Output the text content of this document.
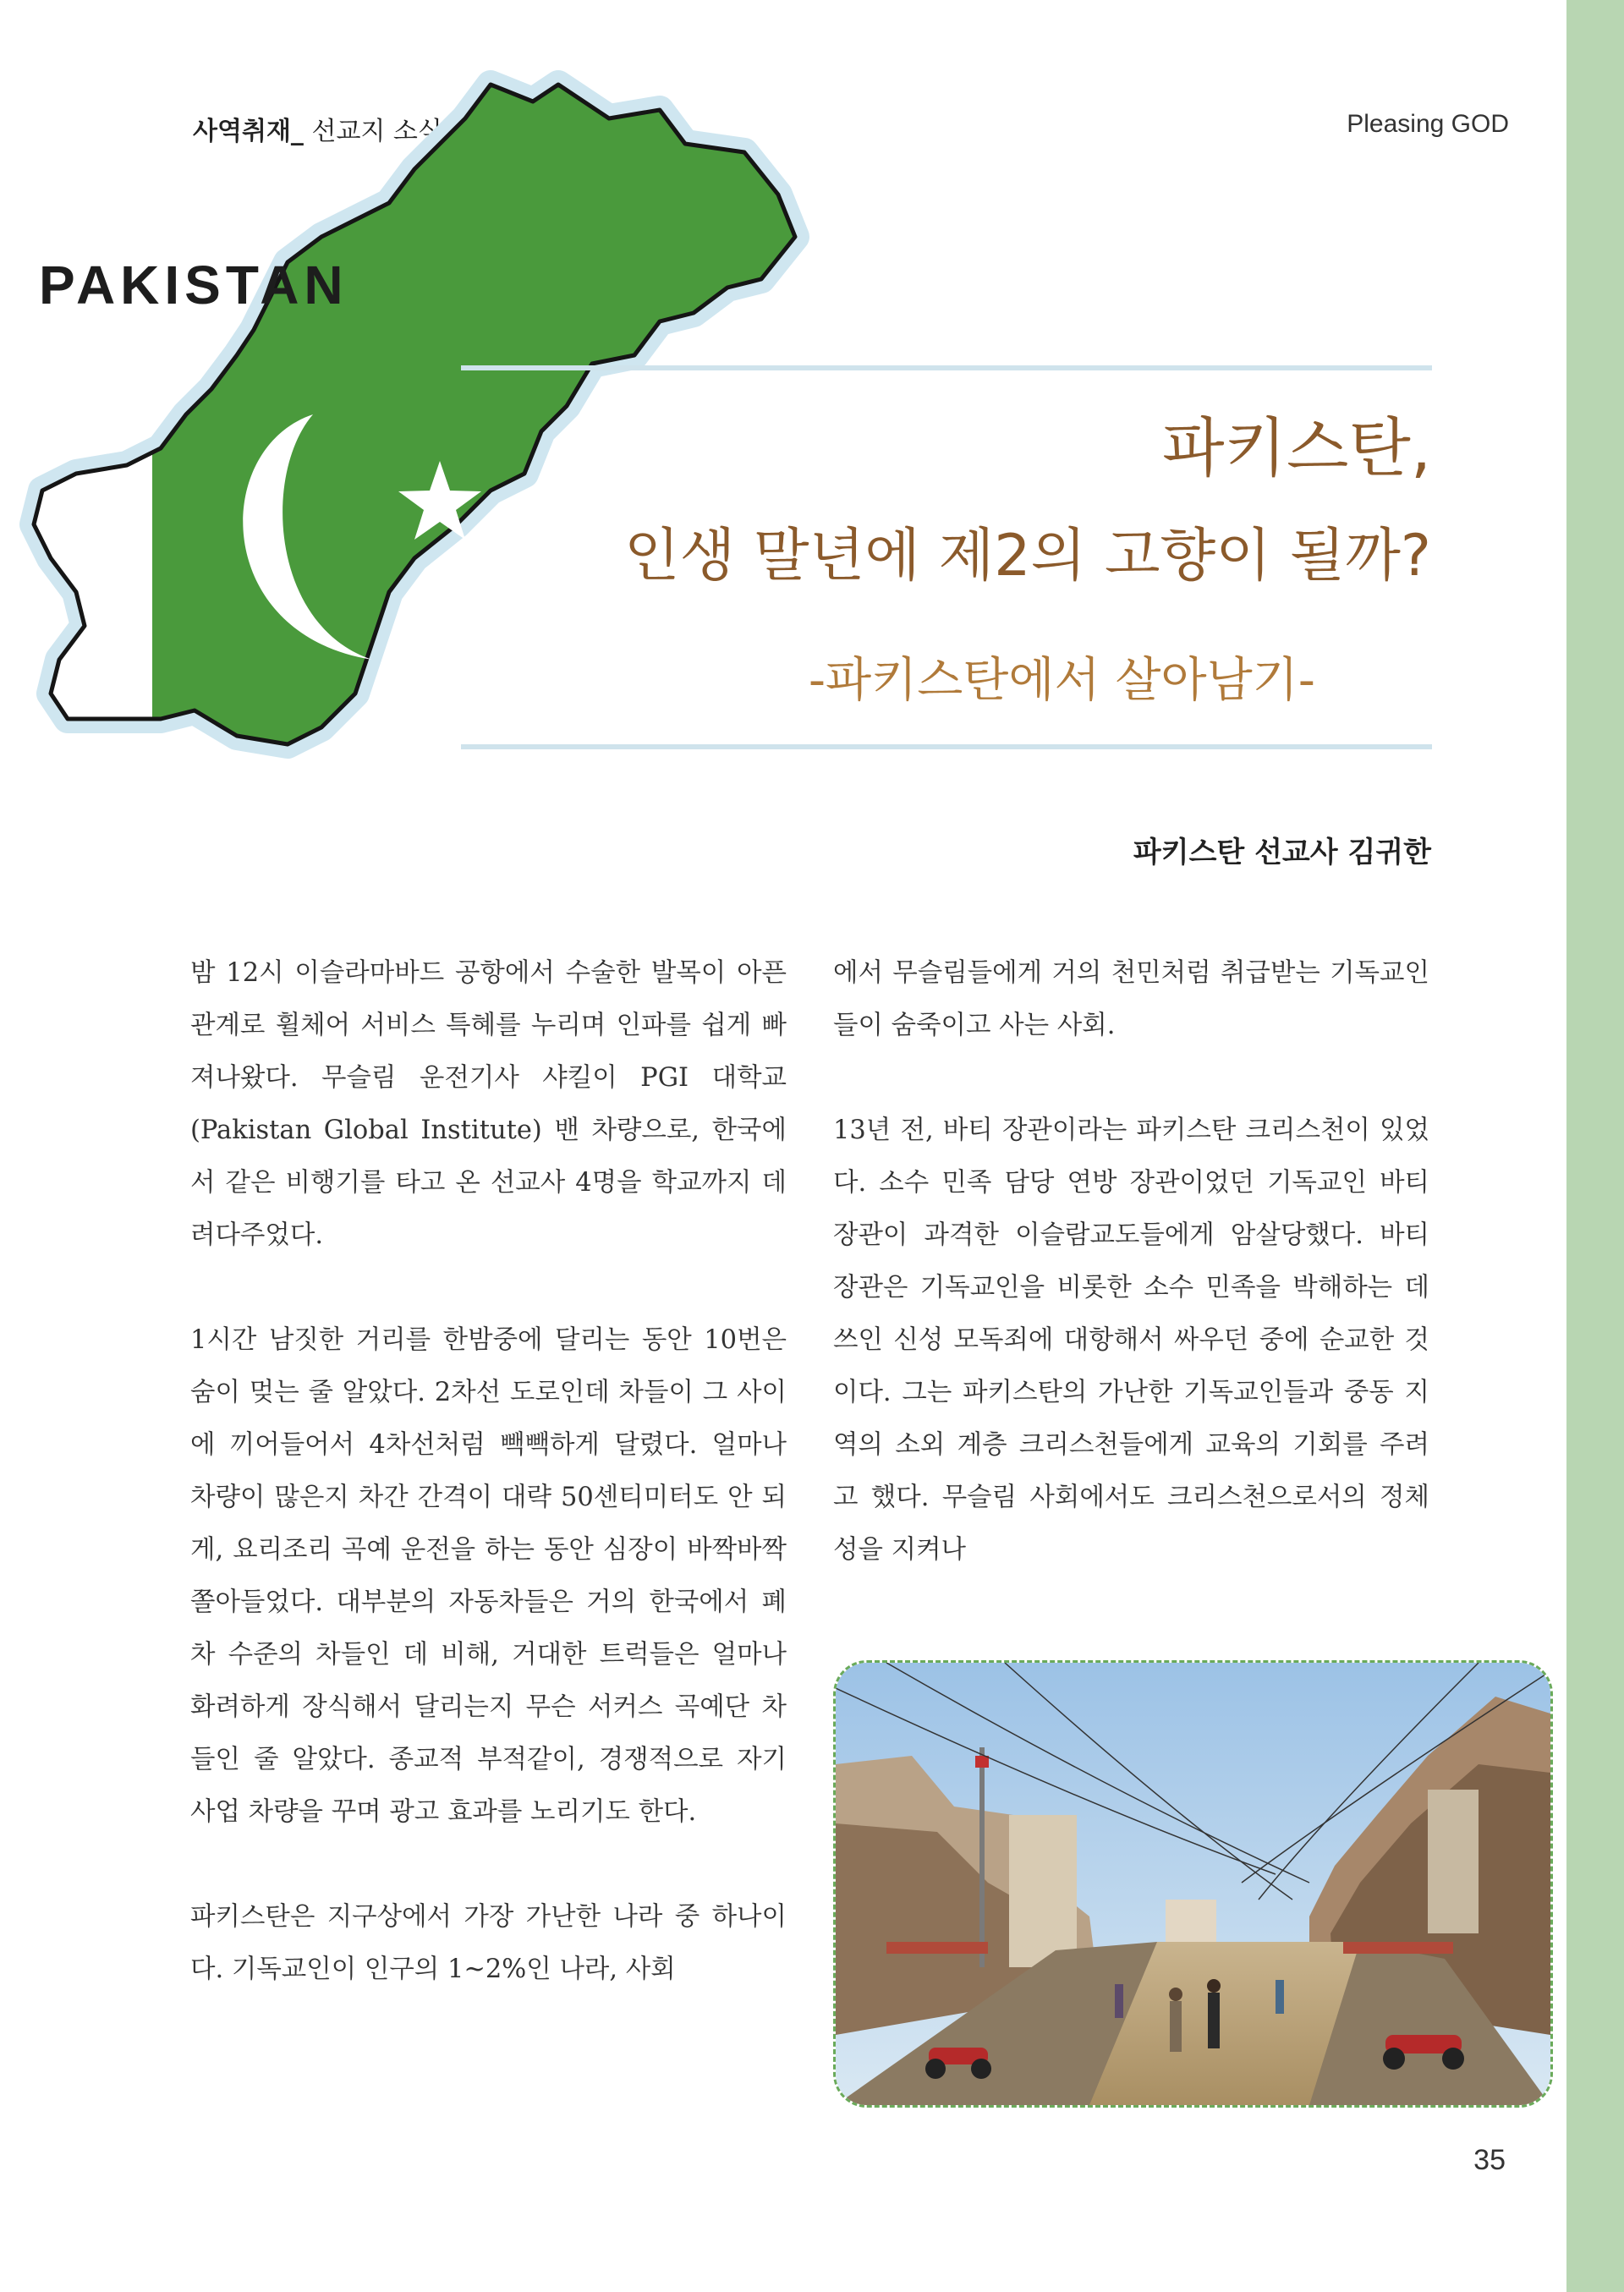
사역취재_ 선교지 소식	Pleasing GOD
PAKISTAN
파키스탄,
인생 말년에 제2의 고향이 될까?
-파키스탄에서 살아남기-
파키스탄 선교사 김귀한

밤 12시 이슬라마바드 공항에서 수술한 발목이 아픈 관계로 휠체어 서비스 특혜를 누리며 인파를 쉽게 빠져나왔다. 무슬림 운전기사 샤킬이 PGI 대학교(Pakistan Global Institute) 밴 차량으로, 한국에서 같은 비행기를 타고 온 선교사 4명을 학교까지 데려다주었다.

1시간 남짓한 거리를 한밤중에 달리는 동안 10번은 숨이 멎는 줄 알았다. 2차선 도로인데 차들이 그 사이에 끼어들어서 4차선처럼 빽빽하게 달렸다. 얼마나 차량이 많은지 차간 간격이 대략 50센티미터도 안 되게, 요리조리 곡예 운전을 하는 동안 심장이 바짝바짝 쫄아들었다. 대부분의 자동차들은 거의 한국에서 폐차 수준의 차들인 데 비해, 거대한 트럭들은 얼마나 화려하게 장식해서 달리는지 무슨 서커스 곡예단 차들인 줄 알았다. 종교적 부적같이, 경쟁적으로 자기 사업 차량을 꾸며 광고 효과를 노리기도 한다.

파키스탄은 지구상에서 가장 가난한 나라 중 하나이다. 기독교인이 인구의 1~2%인 나라, 사회

에서 무슬림들에게 거의 천민처럼 취급받는 기독교인들이 숨죽이고 사는 사회.

13년 전, 바티 장관이라는 파키스탄 크리스천이 있었다. 소수 민족 담당 연방 장관이었던 기독교인 바티 장관이 과격한 이슬람교도들에게 암살당했다. 바티 장관은 기독교인을 비롯한 소수 민족을 박해하는 데 쓰인 신성 모독죄에 대항해서 싸우던 중에 순교한 것이다. 그는 파키스탄의 가난한 기독교인들과 중동 지역의 소외 계층 크리스천들에게 교육의 기회를 주려고 했다. 무슬림 사회에서도 크리스천으로서의 정체성을 지켜나

35
